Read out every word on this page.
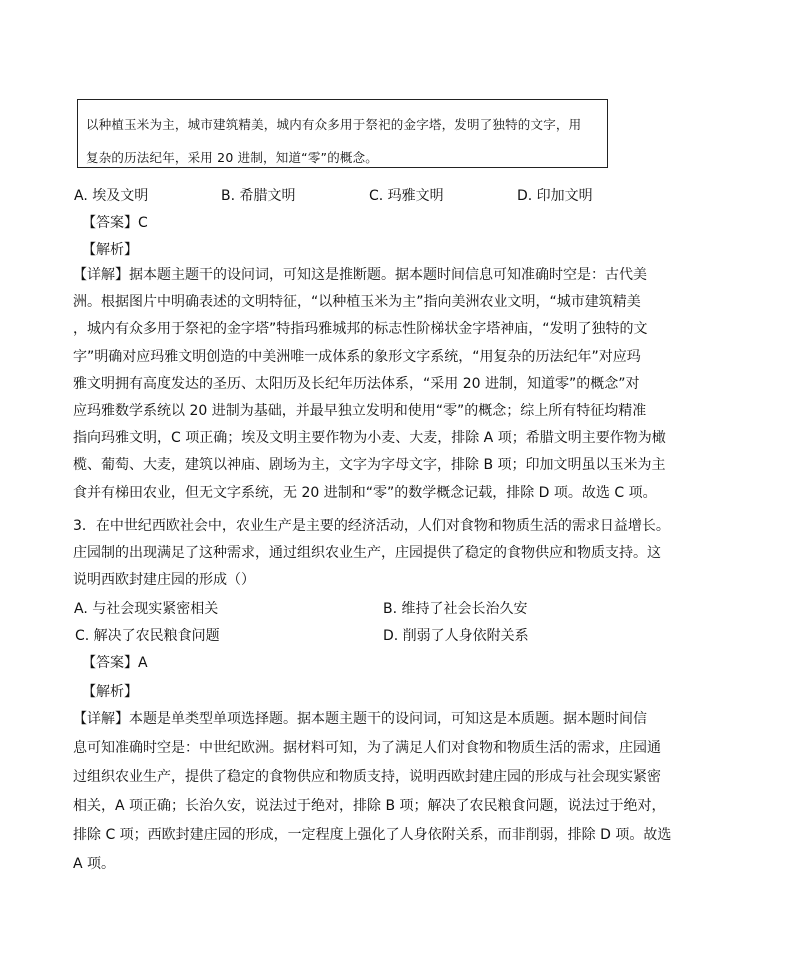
以种植玉米为主，城市建筑精美，城内有众多用于祭祀的金字塔，发明了独特的文字，用
复杂的历法纪年，采用 20 进制，知道“零”的概念。
A. 埃及文明	B. 希腊文明	C. 玛雅文明	D. 印加文明
【答案】C
【解析】
【详解】据本题主题干的设问词，可知这是推断题。据本题时间信息可知准确时空是：古代美
洲。根据图片中明确表述的文明特征，“以种植玉米为主”指向美洲农业文明，“城市建筑精美
，城内有众多用于祭祀的金字塔”特指玛雅城邦的标志性阶梯状金字塔神庙，“发明了独特的文
字”明确对应玛雅文明创造的中美洲唯一成体系的象形文字系统，“用复杂的历法纪年”对应玛
雅文明拥有高度发达的圣历、太阳历及长纪年历法体系，“采用 20 进制，知道零”的概念”对
应玛雅数学系统以 20 进制为基础，并最早独立发明和使用“零”的概念；综上所有特征均精准
指向玛雅文明，C 项正确；埃及文明主要作物为小麦、大麦，排除 A 项；希腊文明主要作物为橄
榄、葡萄、大麦，建筑以神庙、剧场为主，文字为字母文字，排除 B 项；印加文明虽以玉米为主
食并有梯田农业，但无文字系统，无 20 进制和“零”的数学概念记载，排除 D 项。故选 C 项。
3．在中世纪西欧社会中，农业生产是主要的经济活动，人们对食物和物质生活的需求日益增长。
庄园制的出现满足了这种需求，通过组织农业生产，庄园提供了稳定的食物供应和物质支持。这
说明西欧封建庄园的形成（）
A. 与社会现实紧密相关	B. 维持了社会长治久安
C. 解决了农民粮食问题	D. 削弱了人身依附关系
【答案】A
【解析】
【详解】本题是单类型单项选择题。据本题主题干的设问词，可知这是本质题。据本题时间信
息可知准确时空是：中世纪欧洲。据材料可知，为了满足人们对食物和物质生活的需求，庄园通
过组织农业生产，提供了稳定的食物供应和物质支持，说明西欧封建庄园的形成与社会现实紧密
相关，A 项正确；长治久安，说法过于绝对，排除 B 项；解决了农民粮食问题，说法过于绝对，
排除 C 项；西欧封建庄园的形成，一定程度上强化了人身依附关系，而非削弱，排除 D 项。故选
A 项。
